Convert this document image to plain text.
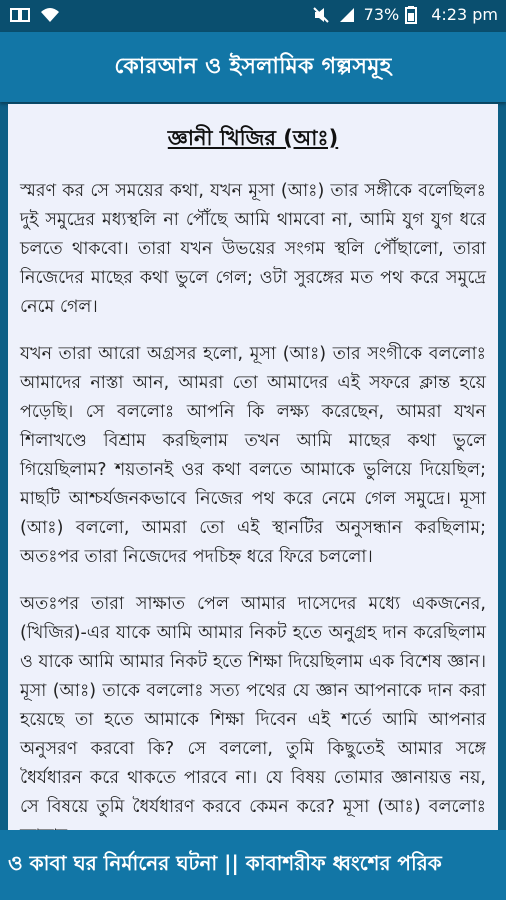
73% 4:23 pm
কোরআন ও ইসলামিক গল্পসমূহ
জ্ঞানী খিজির (আঃ)

স্মরণ কর সে সময়ের কথা, যখন মূসা (আঃ) তার সঙ্গীকে বলেছিলঃ দুই সমুদ্রের মধ্যস্থলি না পৌঁছে আমি থামবো না, আমি যুগ যুগ ধরে চলতে থাকবো। তারা যখন উভয়ের সংগম স্থলি পৌঁছালো, তারা নিজেদের মাছের কথা ভুলে গেল; ওটা সুরঙ্গের মত পথ করে সমুদ্রে নেমে গেল।

যখন তারা আরো অগ্রসর হলো, মূসা (আঃ) তার সংগীকে বললোঃ আমাদের নাস্তা আন, আমরা তো আমাদের এই সফরে ক্লান্ত হয়ে পড়েছি। সে বললোঃ আপনি কি লক্ষ্য করেছেন, আমরা যখন শিলাখণ্ডে বিশ্রাম করছিলাম তখন আমি মাছের কথা ভুলে গিয়েছিলাম? শয়তানই ওর কথা বলতে আমাকে ভুলিয়ে দিয়েছিল; মাছটি আশ্চর্যজনকভাবে নিজের পথ করে নেমে গেল সমুদ্রে। মূসা (আঃ) বললো, আমরা তো এই স্থানটির অনুসন্ধান করছিলাম; অতঃপর তারা নিজেদের পদচিহ্ন ধরে ফিরে চললো।

অতঃপর তারা সাক্ষাত পেল আমার দাসেদের মধ্যে একজনের, (খিজির)-এর যাকে আমি আমার নিকট হতে অনুগ্রহ দান করেছিলাম ও যাকে আমি আমার নিকট হতে শিক্ষা দিয়েছিলাম এক বিশেষ জ্ঞান। মূসা (আঃ) তাকে বললোঃ সত্য পথের যে জ্ঞান আপনাকে দান করা হয়েছে তা হতে আমাকে শিক্ষা দিবেন এই শর্তে আমি আপনার অনুসরণ করবো কি? সে বললো, তুমি কিছুতেই আমার সঙ্গে ধৈর্যধারন করে থাকতে পারবে না। যে বিষয় তোমার জ্ঞানায়ত্ত নয়, সে বিষয়ে তুমি ধৈর্যধারণ করবে কেমন করে? মূসা (আঃ) বললোঃ

ও কাবা ঘর নির্মানের ঘটনা || কাবাশরীফ ধ্বংশের পরিক
